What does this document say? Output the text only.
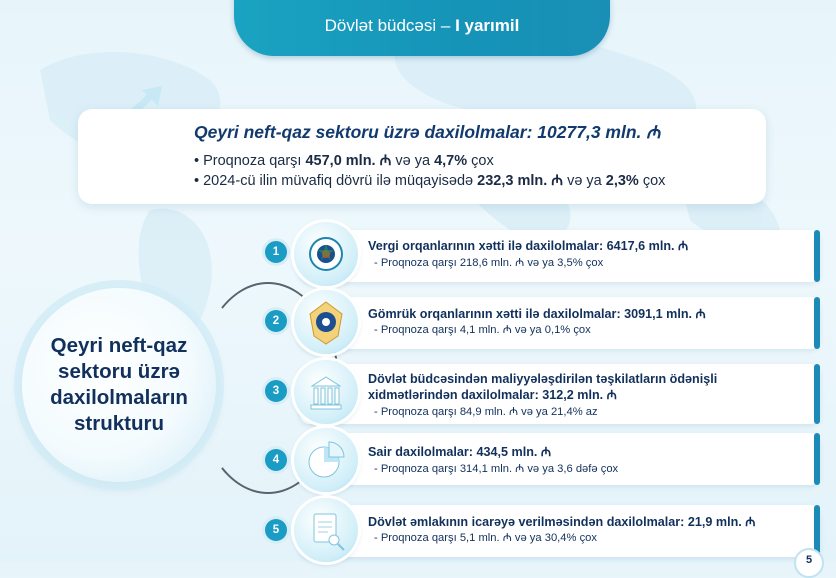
Dövlət büdcəsi – I yarımil
Qeyri neft-qaz sektoru üzrə daxilolmalar: 10277,3 mln. ₼
• Proqnoza qarşı 457,0 mln. ₼ və ya 4,7% çox
• 2024-cü ilin müvafiq dövrü ilə müqayisədə 232,3 mln. ₼ və ya 2,3% çox
Qeyri neft-qaz sektoru üzrə daxilolmaların strukturu
Vergi orqanlarının xətti ilə daxilolmalar: 6417,6 mln. ₼
- Proqnoza qarşı 218,6 mln. ₼ və ya 3,5% çox
1
Gömrük orqanlarının xətti ilə daxilolmalar: 3091,1 mln. ₼
- Proqnoza qarşı 4,1 mln. ₼ və ya 0,1% çox
2
Dövlət büdcəsindən maliyyələşdirilən təşkilatların ödənişli xidmətlərindən daxilolmalar: 312,2 mln. ₼
- Proqnoza qarşı 84,9 mln. ₼ və ya 21,4% az
3
Sair daxilolmalar: 434,5 mln. ₼
- Proqnoza qarşı 314,1 mln. ₼ və ya 3,6 dəfə çox
4
Dövlət əmlakının icarəyə verilməsindən daxilolmalar: 21,9 mln. ₼
- Proqnoza qarşı 5,1 mln. ₼ və ya 30,4% çox
5
5
